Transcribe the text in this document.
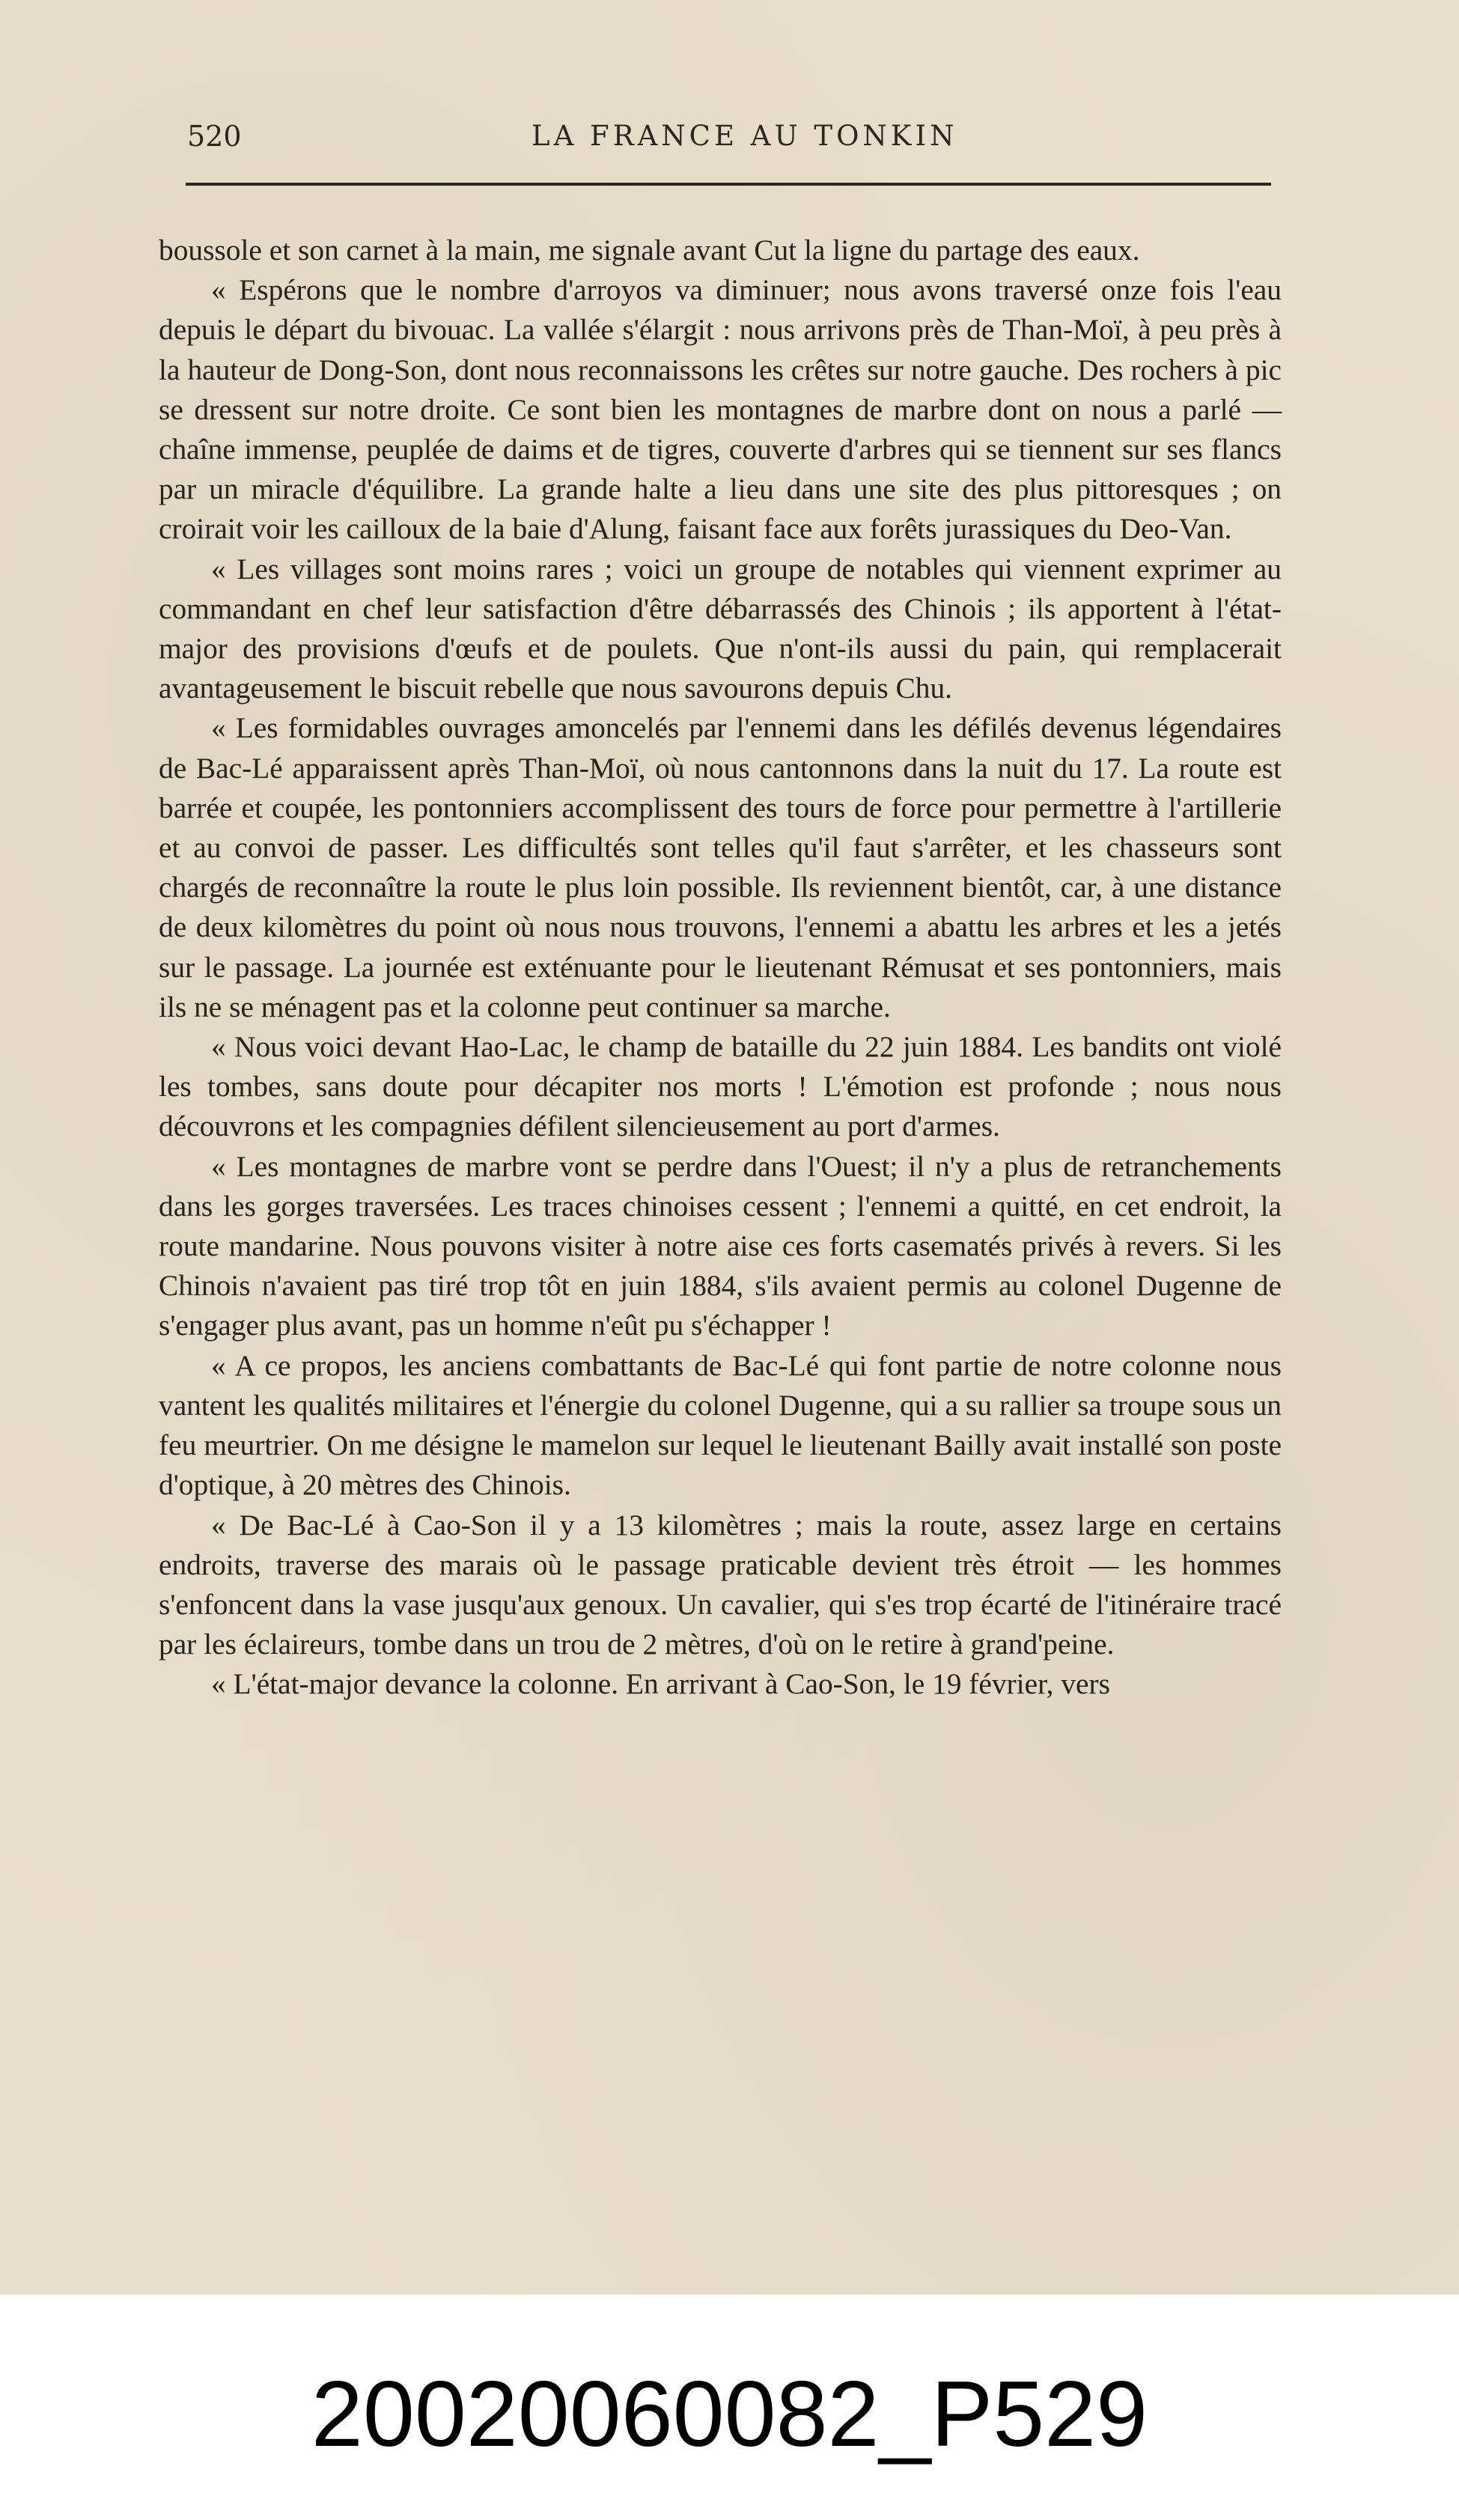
520	LA FRANCE AU TONKIN

boussole et son carnet à la main, me signale avant Cut la ligne du partage des eaux.

« Espérons que le nombre d'arroyos va diminuer; nous avons traversé onze fois l'eau depuis le départ du bivouac. La vallée s'élargit : nous arrivons près de Than-Moï, à peu près à la hauteur de Dong-Son, dont nous reconnaissons les crêtes sur notre gauche. Des rochers à pic se dressent sur notre droite. Ce sont bien les montagnes de marbre dont on nous a parlé — chaîne immense, peuplée de daims et de tigres, couverte d'arbres qui se tiennent sur ses flancs par un miracle d'équilibre. La grande halte a lieu dans une site des plus pittoresques ; on croirait voir les cailloux de la baie d'Alung, faisant face aux forêts jurassiques du Deo-Van.

« Les villages sont moins rares ; voici un groupe de notables qui viennent exprimer au commandant en chef leur satisfaction d'être débarrassés des Chinois ; ils apportent à l'état-major des provisions d'œufs et de poulets. Que n'ont-ils aussi du pain, qui remplacerait avantageusement le biscuit rebelle que nous savourons depuis Chu.

« Les formidables ouvrages amoncelés par l'ennemi dans les défilés devenus légendaires de Bac-Lé apparaissent après Than-Moï, où nous cantonnons dans la nuit du 17. La route est barrée et coupée, les pontonniers accomplissent des tours de force pour permettre à l'artillerie et au convoi de passer. Les difficultés sont telles qu'il faut s'arrêter, et les chasseurs sont chargés de reconnaître la route le plus loin possible. Ils reviennent bientôt, car, à une distance de deux kilomètres du point où nous nous trouvons, l'ennemi a abattu les arbres et les a jetés sur le passage. La journée est exténuante pour le lieutenant Rémusat et ses pontonniers, mais ils ne se ménagent pas et la colonne peut continuer sa marche.

« Nous voici devant Hao-Lac, le champ de bataille du 22 juin 1884. Les bandits ont violé les tombes, sans doute pour décapiter nos morts ! L'émotion est profonde ; nous nous découvrons et les compagnies défilent silencieusement au port d'armes.

« Les montagnes de marbre vont se perdre dans l'Ouest; il n'y a plus de retranchements dans les gorges traversées. Les traces chinoises cessent ; l'ennemi a quitté, en cet endroit, la route mandarine. Nous pouvons visiter à notre aise ces forts casematés privés à revers. Si les Chinois n'avaient pas tiré trop tôt en juin 1884, s'ils avaient permis au colonel Dugenne de s'engager plus avant, pas un homme n'eût pu s'échapper !

« A ce propos, les anciens combattants de Bac-Lé qui font partie de notre colonne nous vantent les qualités militaires et l'énergie du colonel Dugenne, qui a su rallier sa troupe sous un feu meurtrier. On me désigne le mamelon sur lequel le lieutenant Bailly avait installé son poste d'optique, à 20 mètres des Chinois.

« De Bac-Lé à Cao-Son il y a 13 kilomètres ; mais la route, assez large en certains endroits, traverse des marais où le passage praticable devient très étroit — les hommes s'enfoncent dans la vase jusqu'aux genoux. Un cavalier, qui s'es trop écarté de l'itinéraire tracé par les éclaireurs, tombe dans un trou de 2 mètres, d'où on le retire à grand'peine.

« L'état-major devance la colonne. En arrivant à Cao-Son, le 19 février, vers

20020060082_P529
